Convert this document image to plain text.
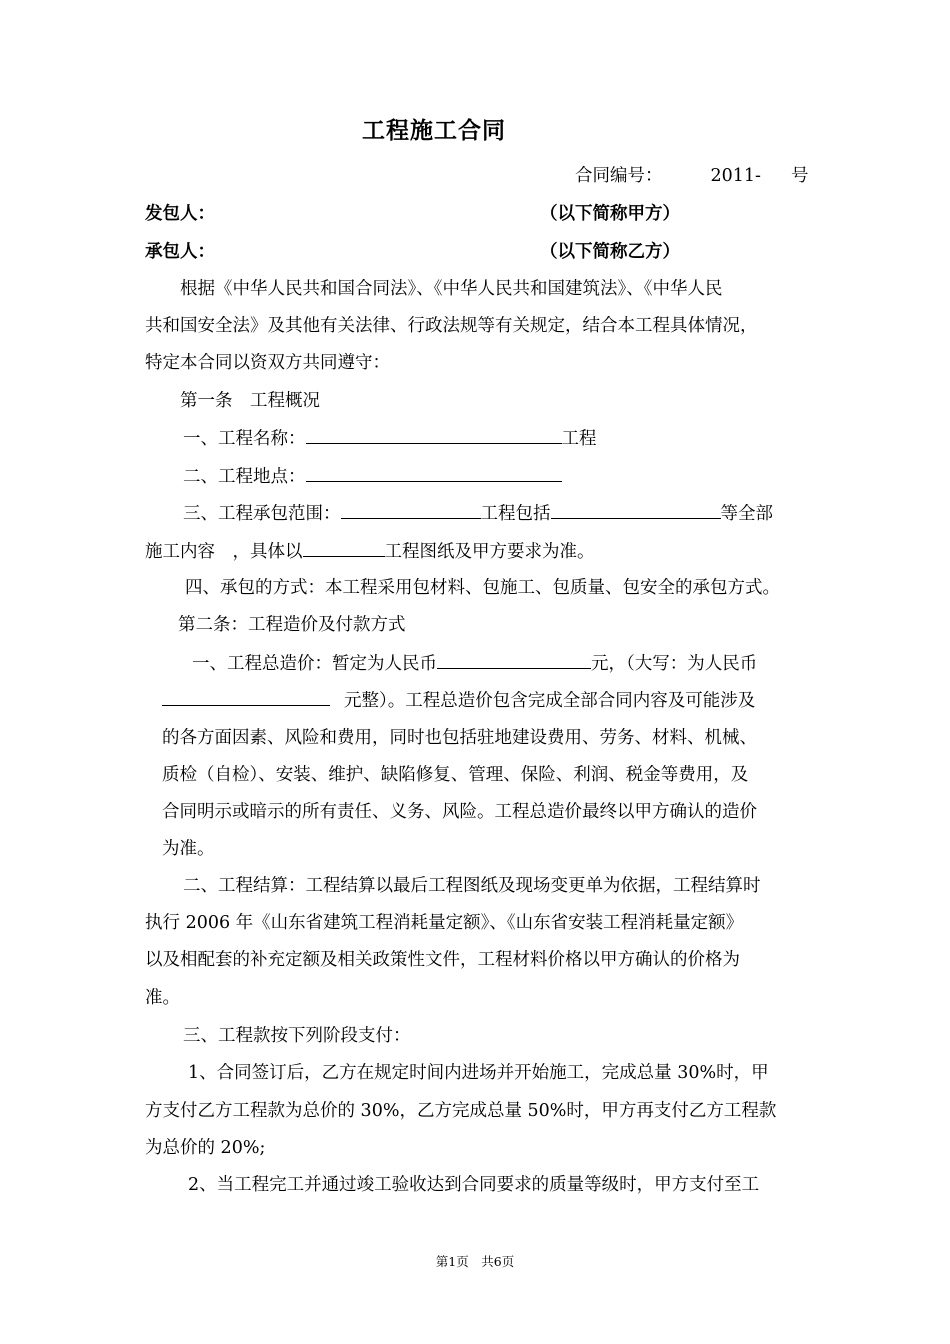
工程施工合同
合同编号：	2011- 号
发包人：	（以下简称甲方）
承包人：	（以下简称乙方）
根据《中华人民共和国合同法》、《中华人民共和国建筑法》、《中华人民
共和国安全法》及其他有关法律、行政法规等有关规定，结合本工程具体情况，
特定本合同以资双方共同遵守：
第一条　工程概况
一、工程名称：	工程
二、工程地点：
三、工程承包范围：	工程包括	等全部
施工内容　，具体以	工程图纸及甲方要求为准。
四、承包的方式：本工程采用包材料、包施工、包质量、包安全的承包方式。
第二条：工程造价及付款方式
一、工程总造价：暂定为人民币	元，（大写：为人民币
元整）。工程总造价包含完成全部合同内容及可能涉及
的各方面因素、风险和费用，同时也包括驻地建设费用、劳务、材料、机械、
质检（自检）、安装、维护、缺陷修复、管理、保险、利润、税金等费用，及
合同明示或暗示的所有责任、义务、风险。工程总造价最终以甲方确认的造价
为准。
二、工程结算：工程结算以最后工程图纸及现场变更单为依据，工程结算时
执行 2006 年《山东省建筑工程消耗量定额》、《山东省安装工程消耗量定额》
以及相配套的补充定额及相关政策性文件，工程材料价格以甲方确认的价格为
准。
三、工程款按下列阶段支付：
1、合同签订后，乙方在规定时间内进场并开始施工，完成总量 30%时，甲
方支付乙方工程款为总价的 30%，乙方完成总量 50%时，甲方再支付乙方工程款
为总价的 20%;
2、当工程完工并通过竣工验收达到合同要求的质量等级时，甲方支付至工
第1页　共6页
